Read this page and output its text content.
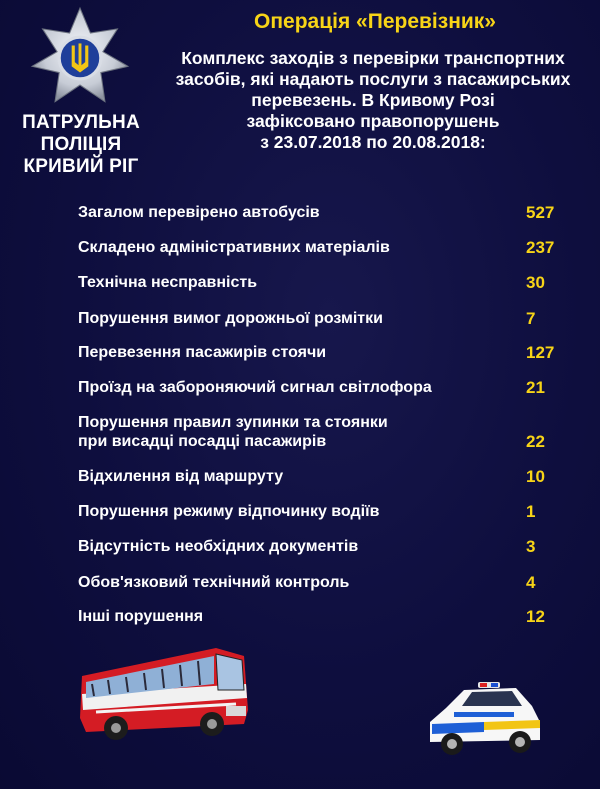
ПАТРУЛЬНА
ПОЛІЦІЯ
КРИВИЙ РІГ
Операція «Перевізник»
Комплекс заходів з перевірки транспортних
засобів, які надають послуги з пасажирських
перевезень. В Кривому Розі
зафіксовано правопорушень
з 23.07.2018 по 20.08.2018:
Загалом перевірено автобусів	527
Складено адміністративних матеріалів	237
Технічна несправність	30
Порушення вимог дорожньої розмітки	7
Перевезення пасажирів стоячи	127
Проїзд на забороняючий сигнал світлофора	21
Порушення правил зупинки та стоянки
при висадці посадці пасажирів	22
Відхилення від маршруту	10
Порушення режиму відпочинку водіїв	1
Відсутність необхідних документів	3
Обов'язковий технічний контроль	4
Інші порушення	12
